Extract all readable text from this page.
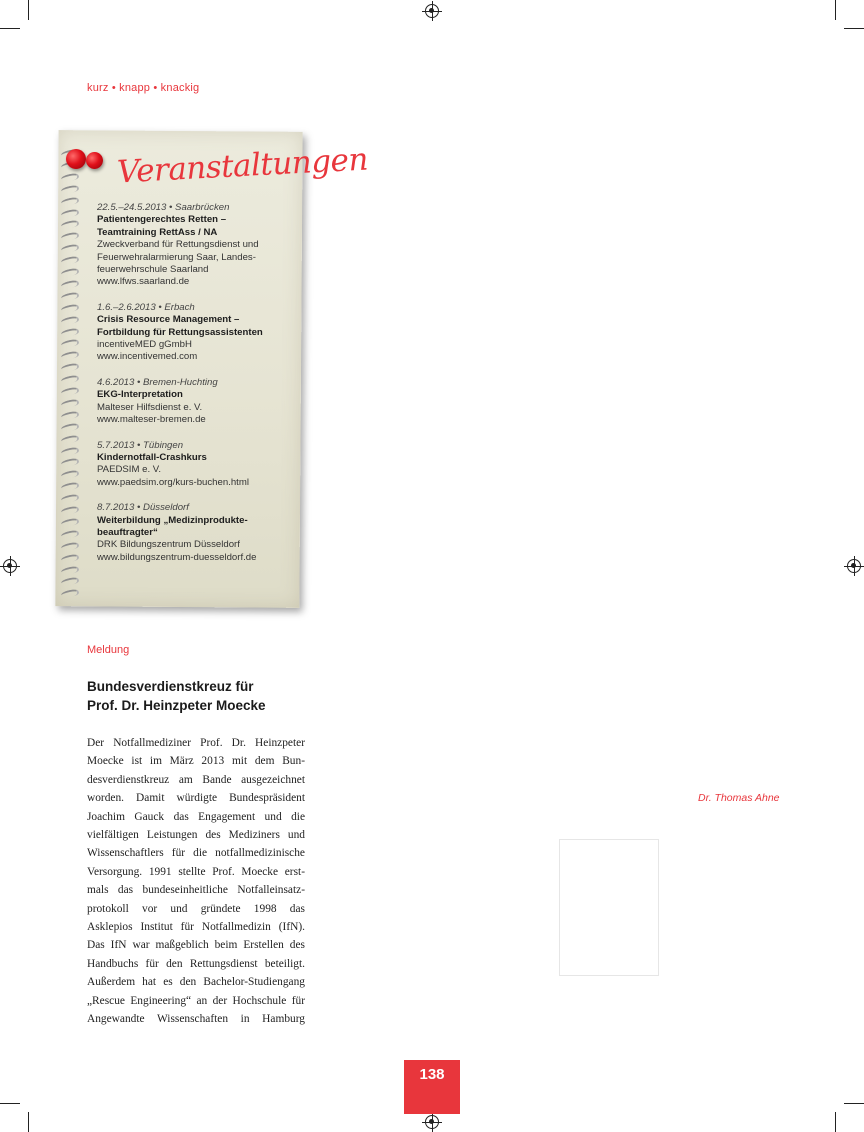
kurz • knapp • knackig
Veranstaltungen
22.5.–24.5.2013 • Saarbrücken
Patientengerechtes Retten –
Teamtraining RettAss / NA
Zweckverband für Rettungsdienst und
Feuerwehralarmierung Saar, Landes-
feuerwehrschule Saarland
www.lfws.saarland.de
1.6.–2.6.2013 • Erbach
Crisis Resource Management –
Fortbildung für Rettungsassistenten
incentiveMED gGmbH
www.incentivemed.com
4.6.2013 • Bremen-Huchting
EKG-Interpretation
Malteser Hilfsdienst e. V.
www.malteser-bremen.de
5.7.2013 • Tübingen
Kindernotfall-Crashkurs
PAEDSIM e. V.
www.paedsim.org/kurs-buchen.html
8.7.2013 • Düsseldorf
Weiterbildung „Medizinprodukte-
beauftragter“
DRK Bildungszentrum Düsseldorf
www.bildungszentrum-duesseldorf.de
Meldung
Bundesverdienstkreuz für
Prof. Dr. Heinzpeter Moecke
Der Notfallmediziner Prof. Dr. Heinzpeter
Moecke ist im März 2013 mit dem Bun-
desverdienstkreuz am Bande ausgezeichnet
worden. Damit würdigte Bundespräsident
Joachim Gauck das Engagement und die
vielfältigen Leistungen des Mediziners und
Wissenschaftlers für die notfallmedizinische
Versorgung. 1991 stellte Prof. Moecke erst-
mals das bundeseinheitliche Notfalleinsatz-
protokoll vor und gründete 1998 das
Asklepios Institut für Notfallmedizin (IfN).
Das IfN war maßgeblich beim Erstellen des
Handbuchs für den Rettungsdienst beteiligt.
Außerdem hat es den Bachelor-Studiengang
„Rescue Engineering“ an der Hochschule für
Angewandte Wissenschaften in Hamburg
Dr. Thomas Ahne
138
